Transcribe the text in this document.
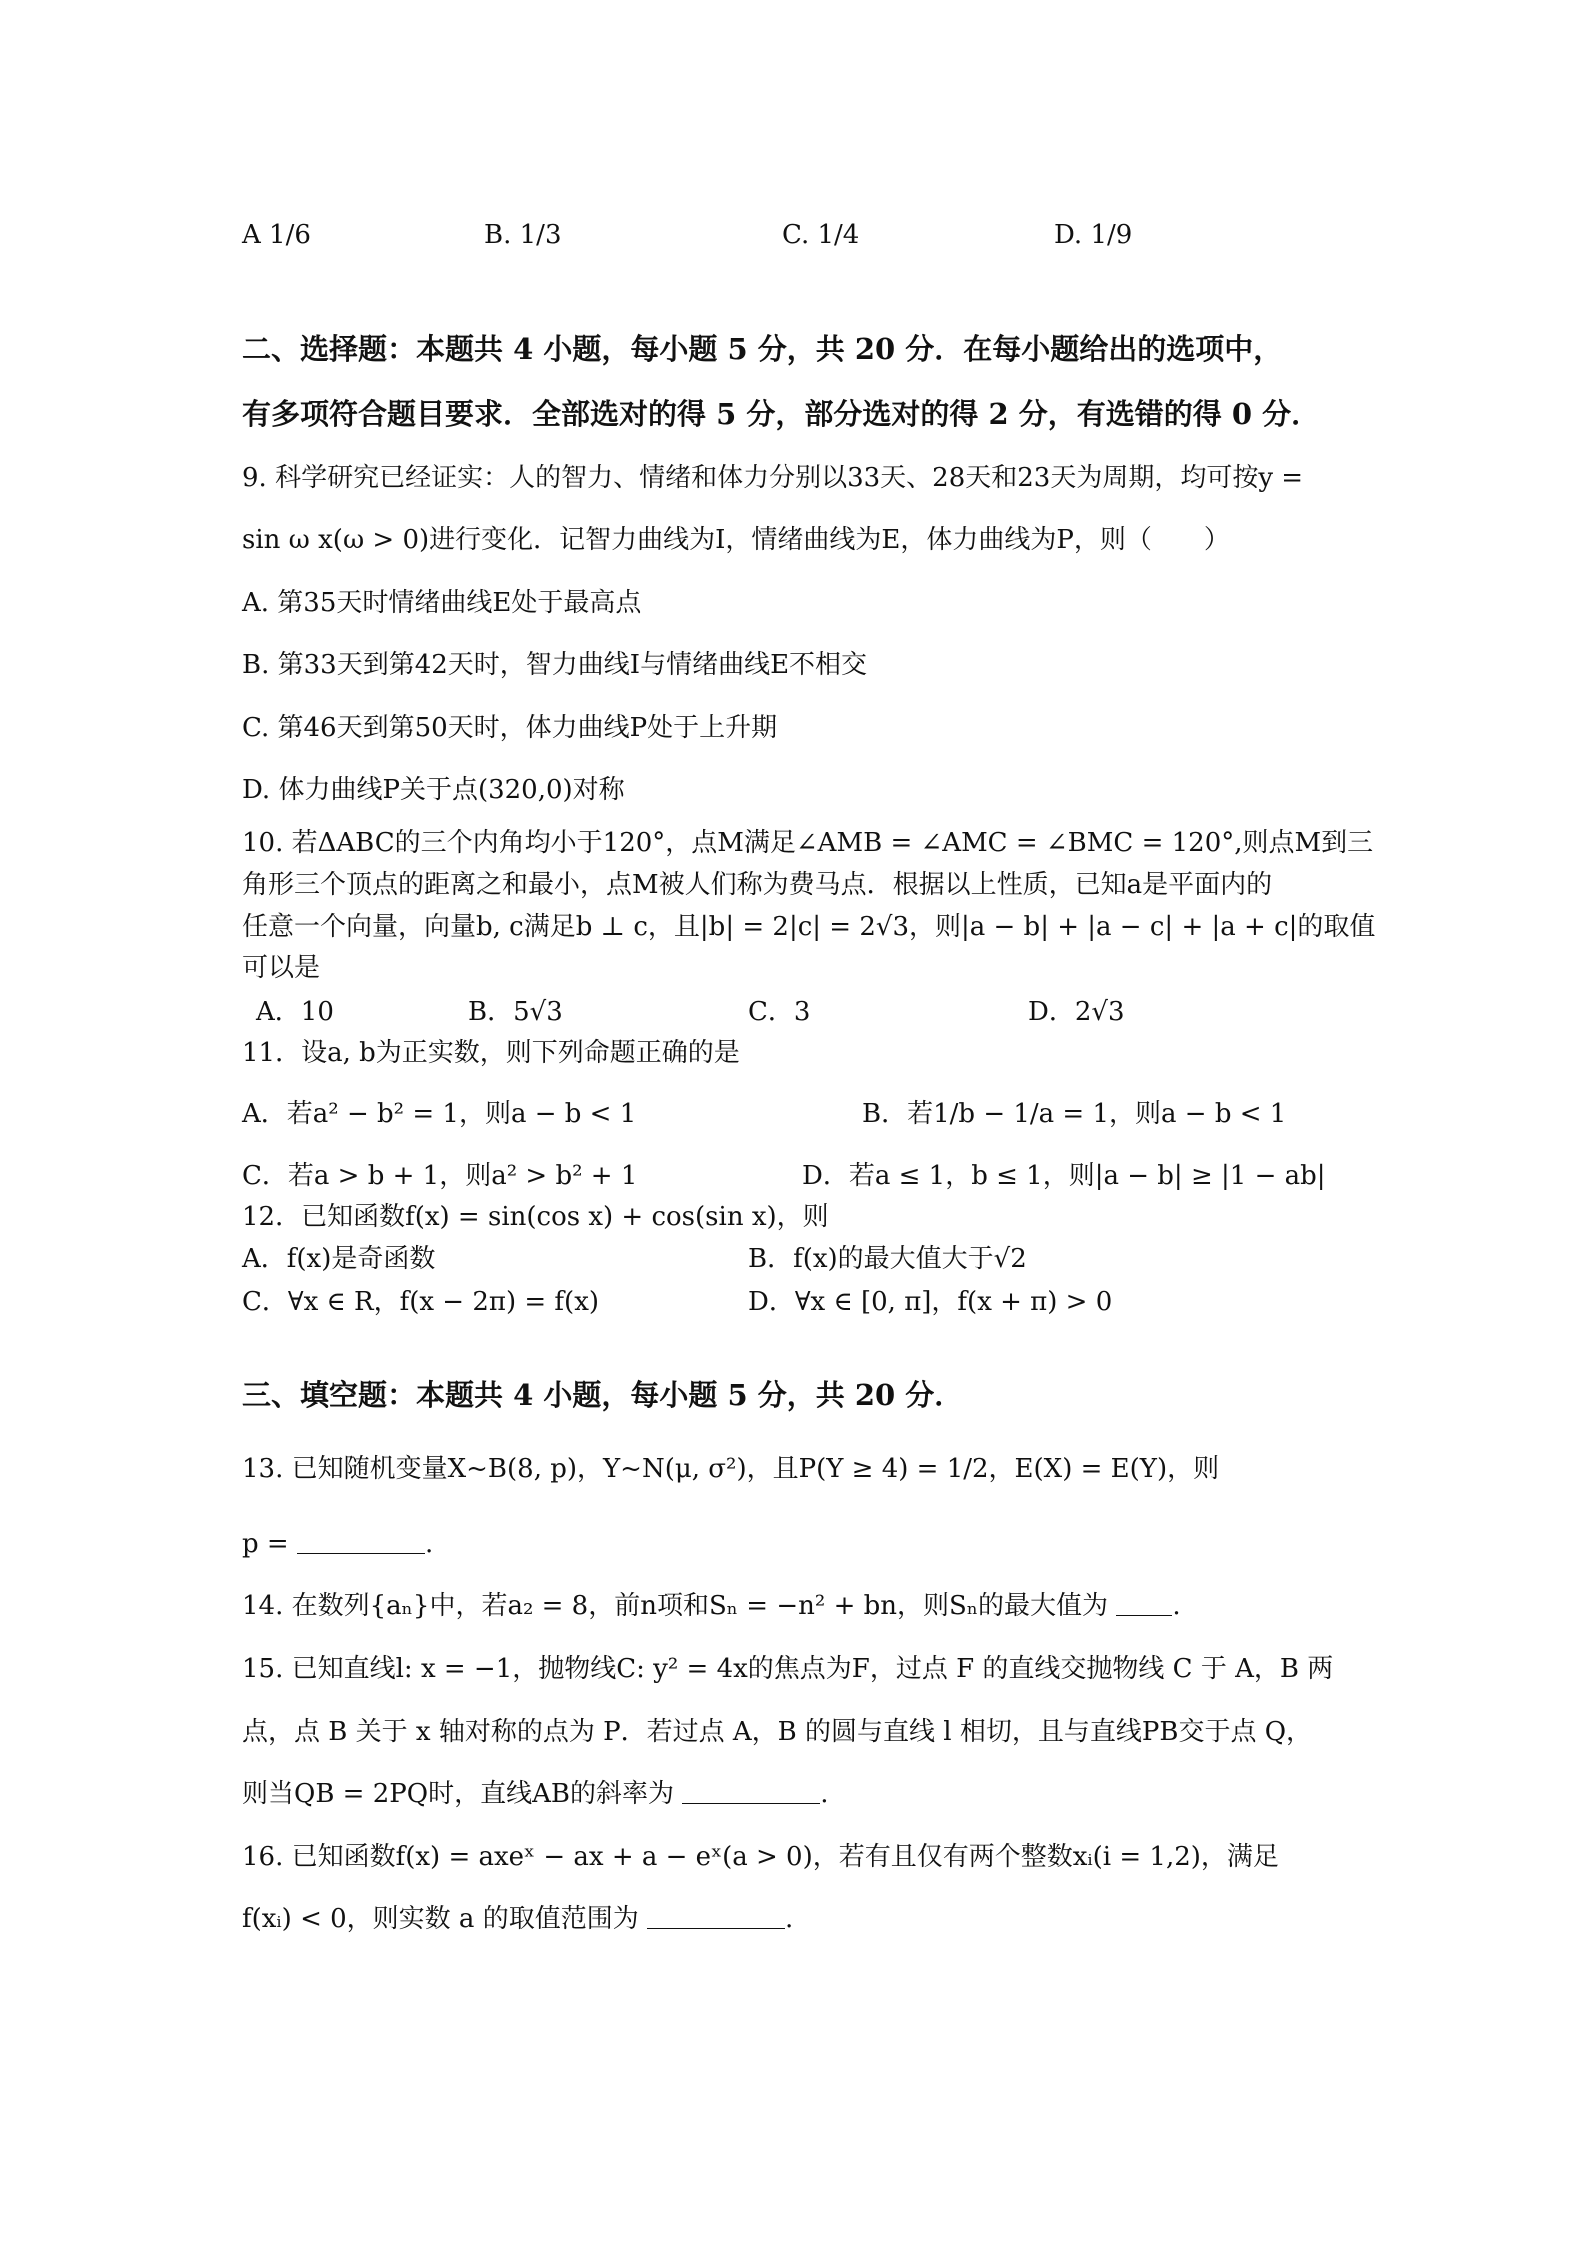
A 1/6	B. 1/3	C. 1/4	D. 1/9
二、选择题：本题共 4 小题，每小题 5 分，共 20 分．在每小题给出的选项中，
有多项符合题目要求．全部选对的得 5 分，部分选对的得 2 分，有选错的得 0 分．
9. 科学研究已经证实：人的智力、情绪和体力分别以33天、28天和23天为周期，均可按y =
sin ω x(ω > 0)进行变化．记智力曲线为I，情绪曲线为E，体力曲线为P，则（　　）
A. 第35天时情绪曲线E处于最高点
B. 第33天到第42天时，智力曲线I与情绪曲线E不相交
C. 第46天到第50天时，体力曲线P处于上升期
D. 体力曲线P关于点(320,0)对称
10. 若ΔABC的三个内角均小于120°，点M满足∠AMB = ∠AMC = ∠BMC = 120°,则点M到三
角形三个顶点的距离之和最小，点M被人们称为费马点．根据以上性质，已知a是平面内的
任意一个向量，向量b, c满足b ⊥ c，且|b| = 2|c| = 2√3，则|a − b| + |a − c| + |a + c|的取值
可以是
A．10	B．5√3	C．3	D．2√3
11．设a, b为正实数，则下列命题正确的是
A．若a² − b² = 1，则a − b < 1	B．若1/b − 1/a = 1，则a − b < 1
C．若a > b + 1，则a² > b² + 1	D．若a ≤ 1，b ≤ 1，则|a − b| ≥ |1 − ab|
12．已知函数f(x) = sin(cos x) + cos(sin x)，则
A．f(x)是奇函数	B．f(x)的最大值大于√2
C．∀x ∈ R，f(x − 2π) = f(x)	D．∀x ∈ [0, π]，f(x + π) > 0
三、填空题：本题共 4 小题，每小题 5 分，共 20 分．
13. 已知随机变量X~B(8, p)，Y~N(μ, σ²)，且P(Y ≥ 4) = 1/2，E(X) = E(Y)，则
p =	.
14. 在数列{aₙ}中，若a₂ = 8，前n项和Sₙ = −n² + bn，则Sₙ的最大值为 .
15. 已知直线l: x = −1，抛物线C: y² = 4x的焦点为F，过点 F 的直线交抛物线 C 于 A，B 两
点，点 B 关于 x 轴对称的点为 P．若过点 A，B 的圆与直线 l 相切，且与直线PB交于点 Q，
则当QB = 2PQ时，直线AB的斜率为	.
16. 已知函数f(x) = axeˣ − ax + a − eˣ(a > 0)，若有且仅有两个整数xᵢ(i = 1,2)，满足
f(xᵢ) < 0，则实数 a 的取值范围为	.
